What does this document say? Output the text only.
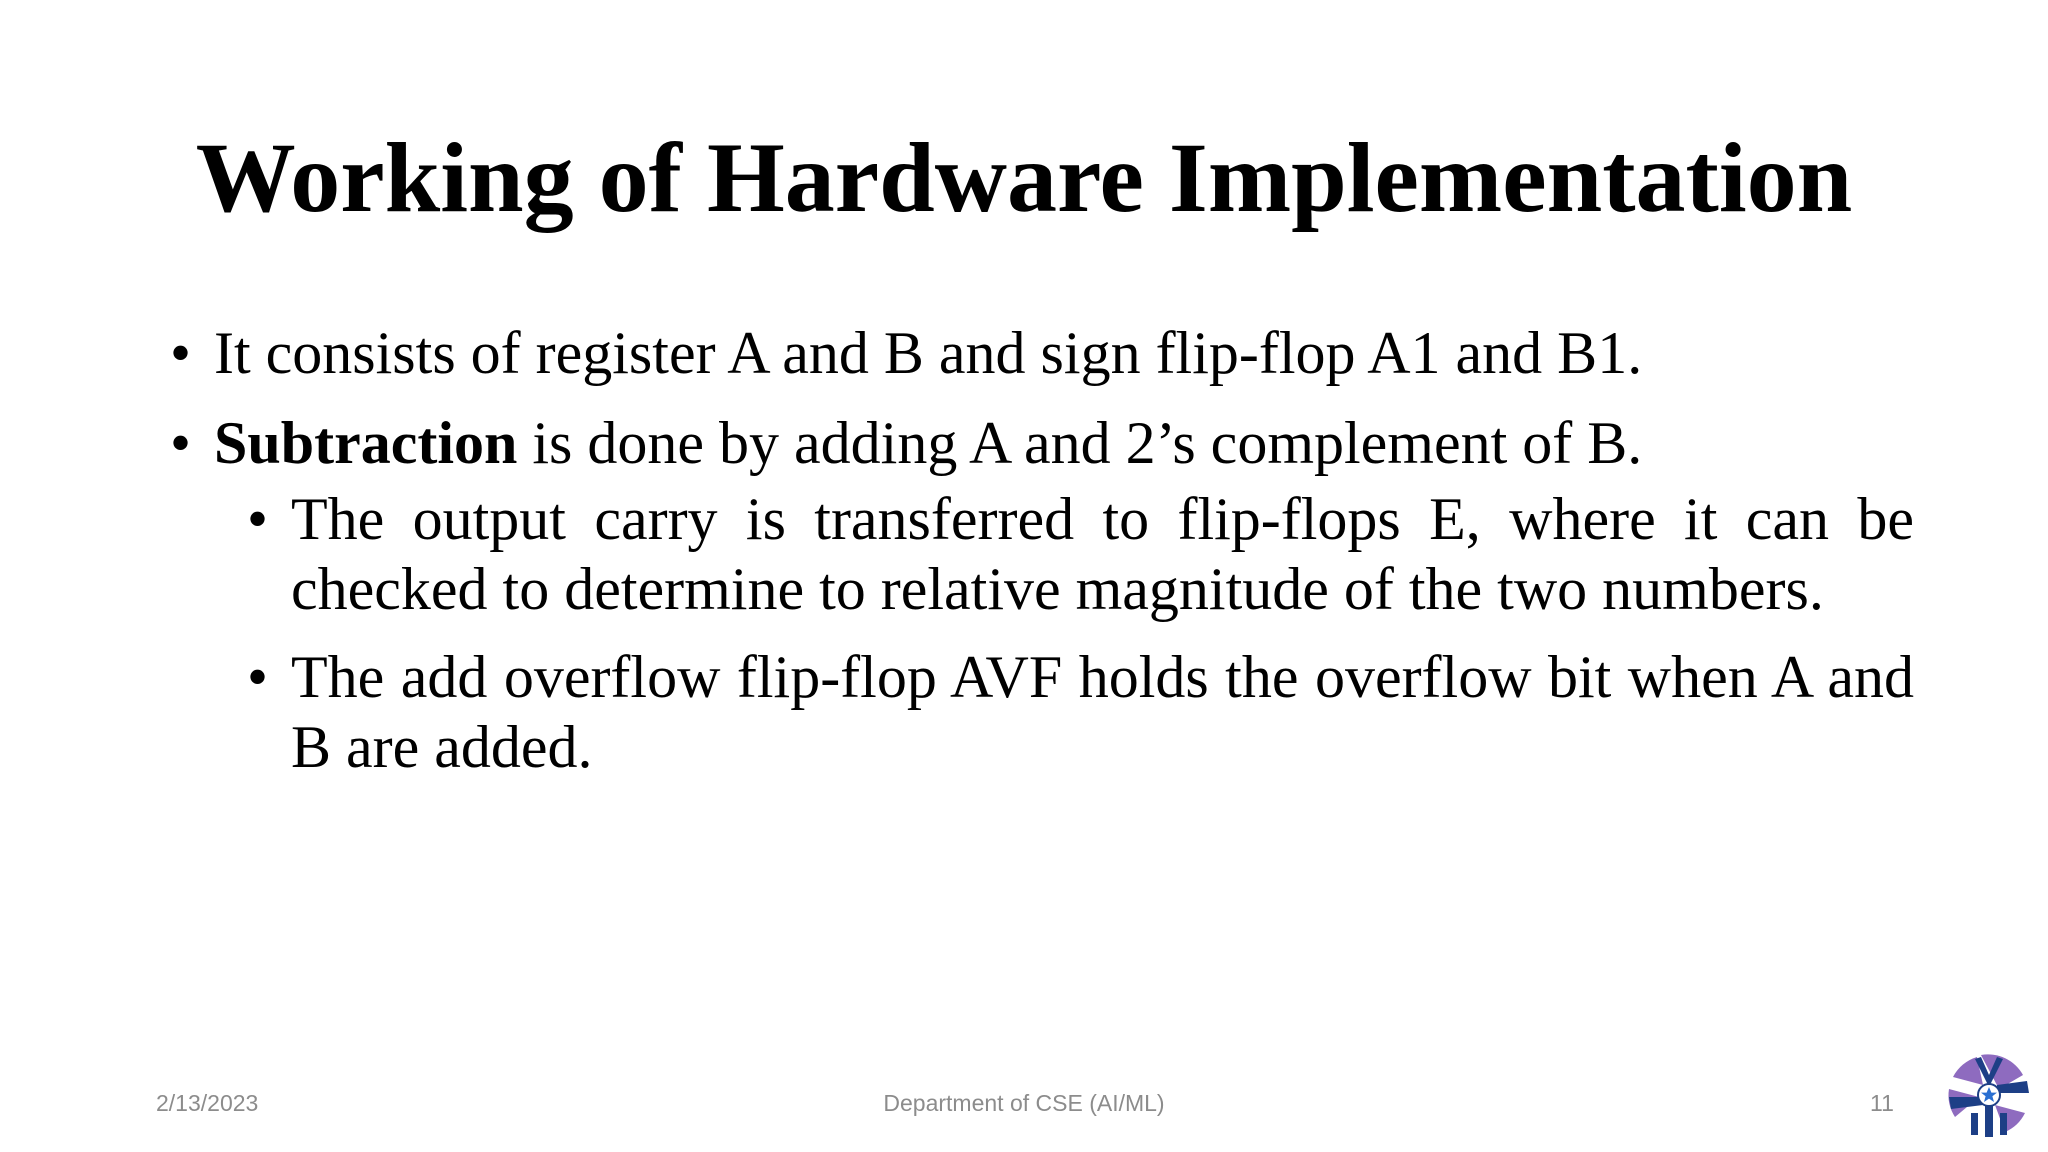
Working of Hardware Implementation
• It consists of register A and B and sign flip-flop A1 and B1.
• Subtraction is done by adding A and 2’s complement of B.
• The output carry is transferred to flip-flops E, where it can be checked to determine to relative magnitude of the two numbers.
• The add overflow flip-flop AVF holds the overflow bit when A and B are added.
2/13/2023	Department of CSE (AI/ML)	11
